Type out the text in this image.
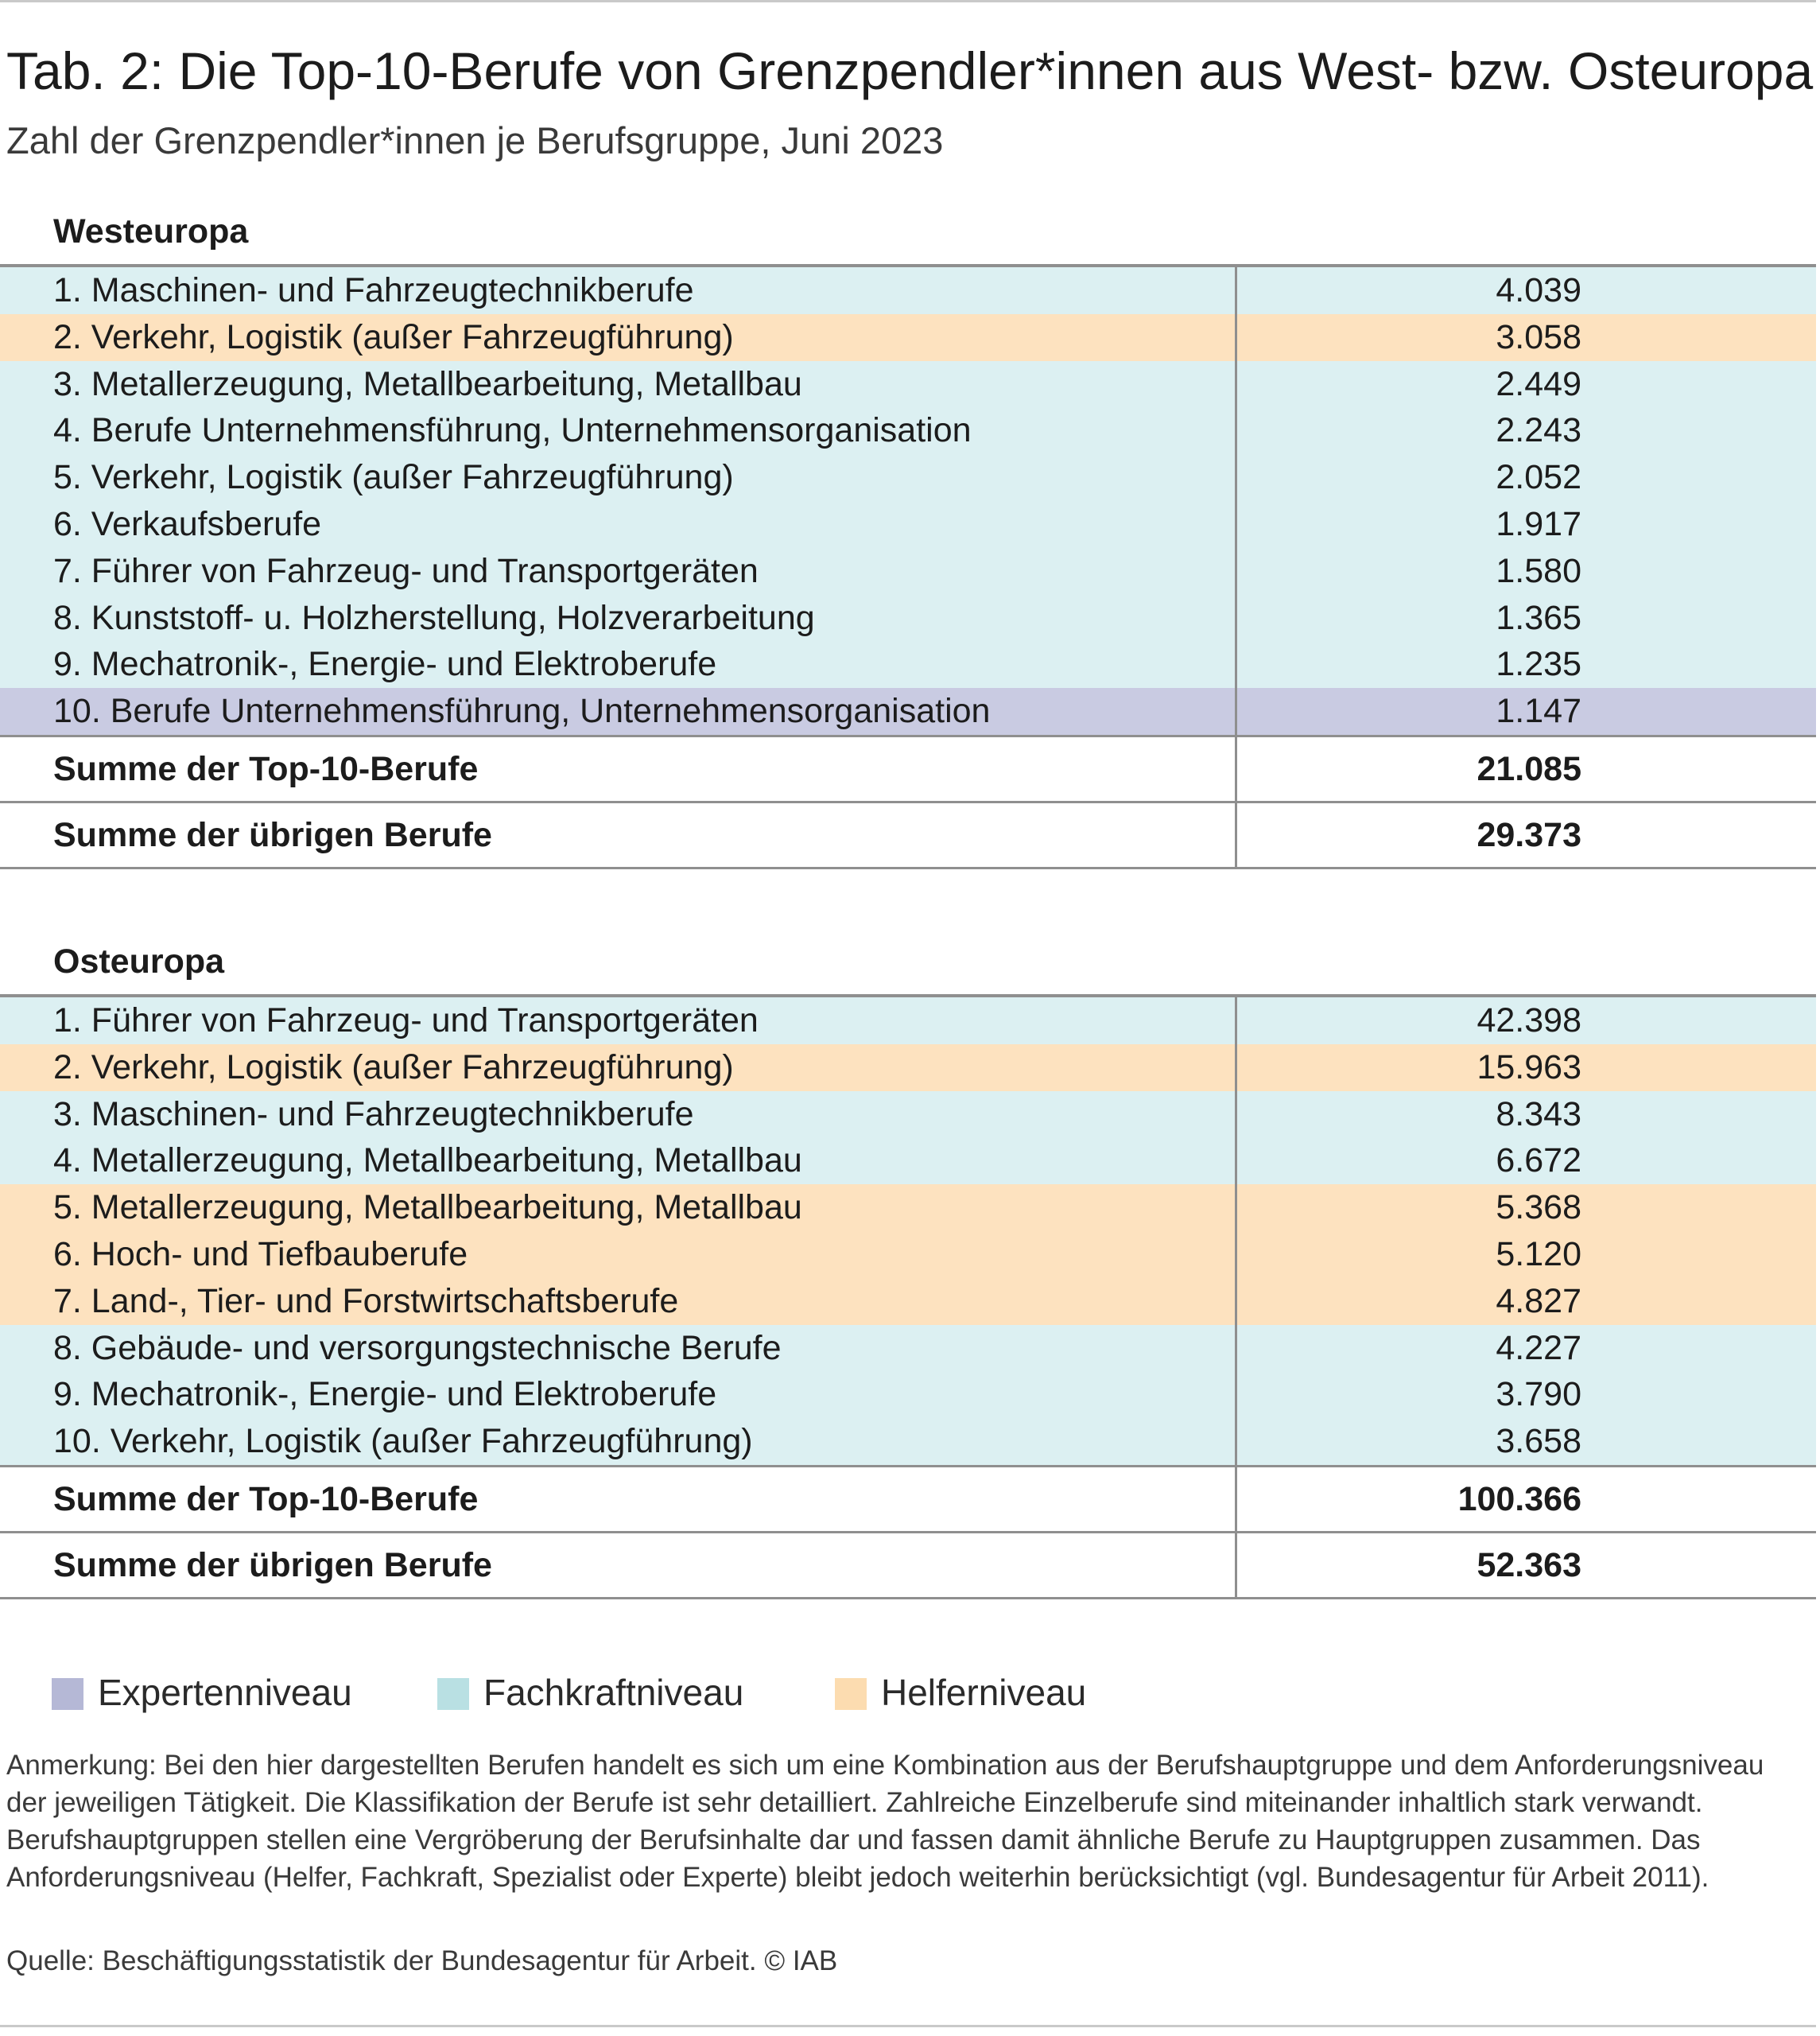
Tab. 2: Die Top-10-Berufe von Grenzpendler*innen aus West- bzw. Osteuropa
Zahl der Grenzpendler*innen je Berufsgruppe, Juni 2023
Westeuropa
1. Maschinen- und Fahrzeugtechnikberufe	4.039
2. Verkehr, Logistik (außer Fahrzeugführung)	3.058
3. Metallerzeugung, Metallbearbeitung, Metallbau	2.449
4. Berufe Unternehmensführung, Unternehmensorganisation	2.243
5. Verkehr, Logistik (außer Fahrzeugführung)	2.052
6. Verkaufsberufe	1.917
7. Führer von Fahrzeug- und Transportgeräten	1.580
8. Kunststoff- u. Holzherstellung, Holzverarbeitung	1.365
9. Mechatronik-, Energie- und Elektroberufe	1.235
10. Berufe Unternehmensführung, Unternehmensorganisation	1.147
Summe der Top-10-Berufe	21.085
Summe der übrigen Berufe	29.373
Osteuropa
1. Führer von Fahrzeug- und Transportgeräten	42.398
2. Verkehr, Logistik (außer Fahrzeugführung)	15.963
3. Maschinen- und Fahrzeugtechnikberufe	8.343
4. Metallerzeugung, Metallbearbeitung, Metallbau	6.672
5. Metallerzeugung, Metallbearbeitung, Metallbau	5.368
6. Hoch- und Tiefbauberufe	5.120
7. Land-, Tier- und Forstwirtschaftsberufe	4.827
8. Gebäude- und versorgungstechnische Berufe	4.227
9. Mechatronik-, Energie- und Elektroberufe	3.790
10. Verkehr, Logistik (außer Fahrzeugführung)	3.658
Summe der Top-10-Berufe	100.366
Summe der übrigen Berufe	52.363
Expertenniveau	Fachkraftniveau	Helferniveau
Anmerkung: Bei den hier dargestellten Berufen handelt es sich um eine Kombination aus der Berufshauptgruppe und dem Anforderungsniveau der jeweiligen Tätigkeit. Die Klassifikation der Berufe ist sehr detailliert. Zahlreiche Einzelberufe sind miteinander inhaltlich stark verwandt. Berufshauptgruppen stellen eine Vergröberung der Berufsinhalte dar und fassen damit ähnliche Berufe zu Hauptgruppen zusammen. Das Anforderungsniveau (Helfer, Fachkraft, Spezialist oder Experte) bleibt jedoch weiterhin berücksichtigt (vgl. Bundesagentur für Arbeit 2011).
Quelle: Beschäftigungsstatistik der Bundesagentur für Arbeit. © IAB
